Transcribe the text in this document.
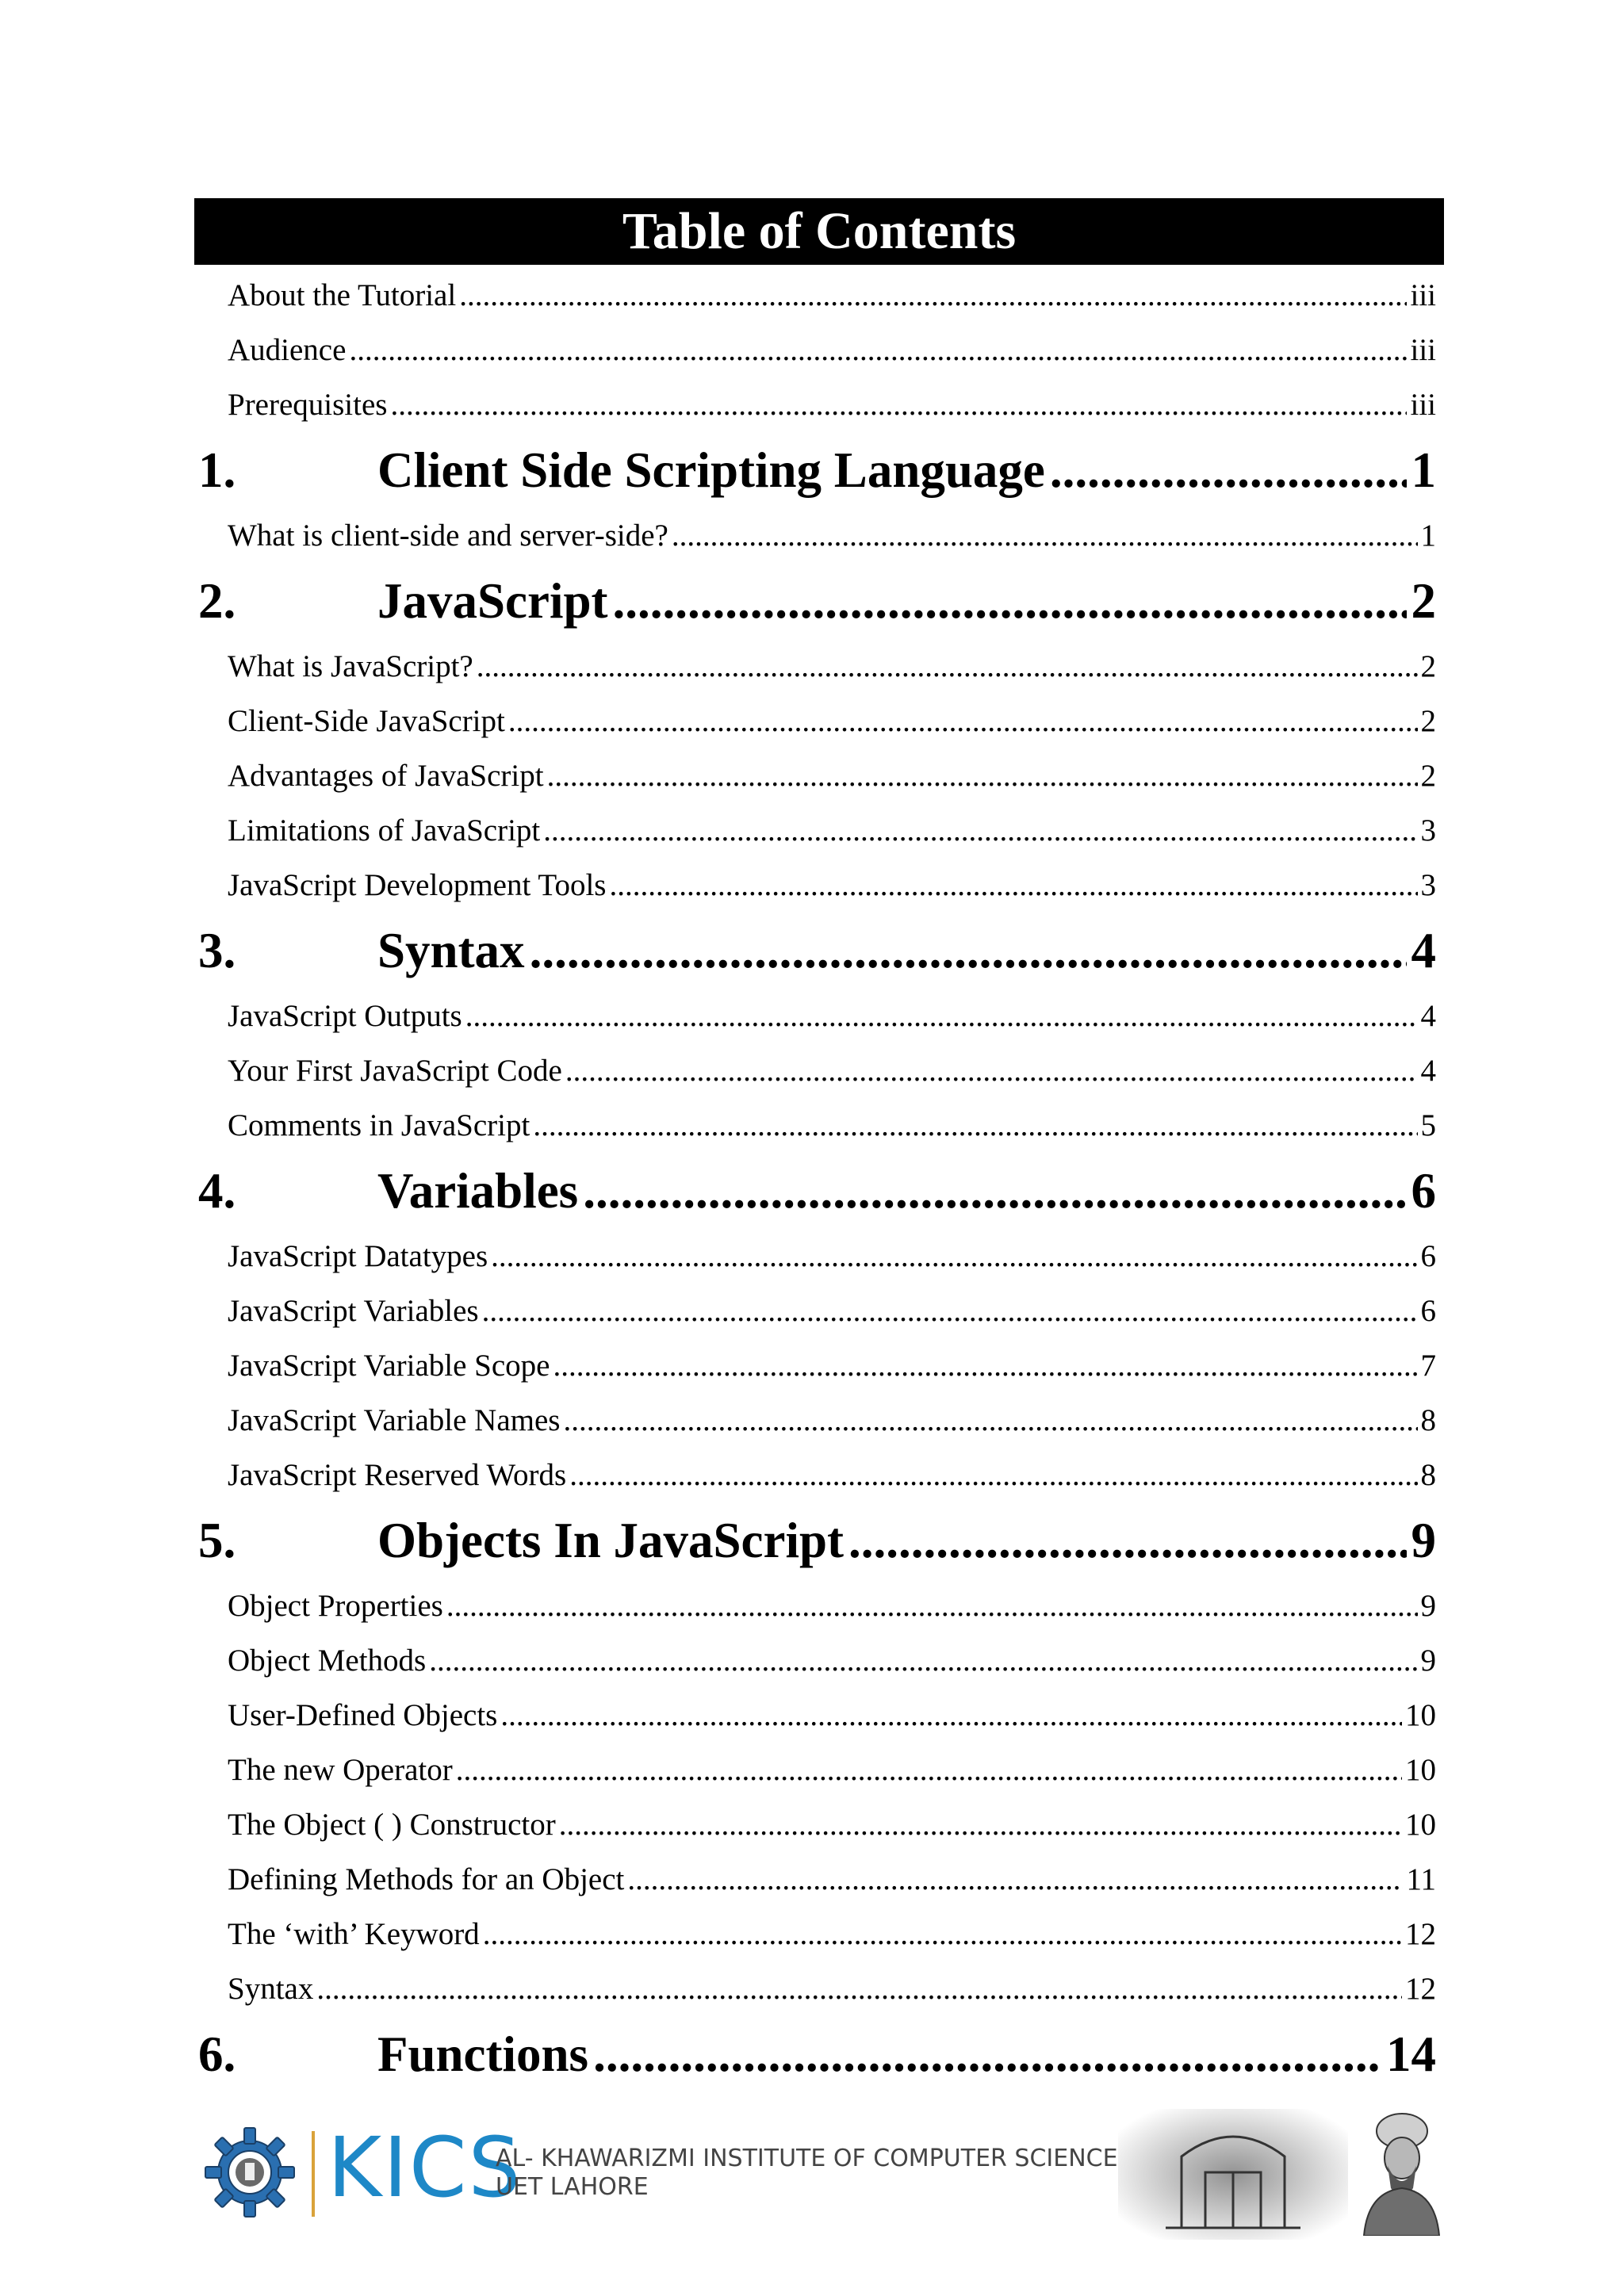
Table of Contents
About the Tutorial .....	iii
Audience .....	iii
Prerequisites .....	iii
1.	Client Side Scripting Language .....	1
What is client-side and server-side? .....	1
2.	JavaScript .....	2
What is JavaScript? .....	2
Client-Side JavaScript .....	2
Advantages of JavaScript .....	2
Limitations of JavaScript .....	3
JavaScript Development Tools .....	3
3.	Syntax .....	4
JavaScript Outputs .....	4
Your First JavaScript Code .....	4
Comments in JavaScript .....	5
4.	Variables .....	6
JavaScript Datatypes .....	6
JavaScript Variables .....	6
JavaScript Variable Scope .....	7
JavaScript Variable Names .....	8
JavaScript Reserved Words .....	8
5.	Objects In JavaScript .....	9
Object Properties .....	9
Object Methods .....	9
User-Defined Objects .....	10
The new Operator .....	10
The Object ( ) Constructor .....	10
Defining Methods for an Object .....	11
The ‘with’ Keyword .....	12
Syntax .....	12
6.	Functions .....	14
KICS
AL- KHAWARIZMI INSTITUTE OF COMPUTER SCIENCE
UET LAHORE
